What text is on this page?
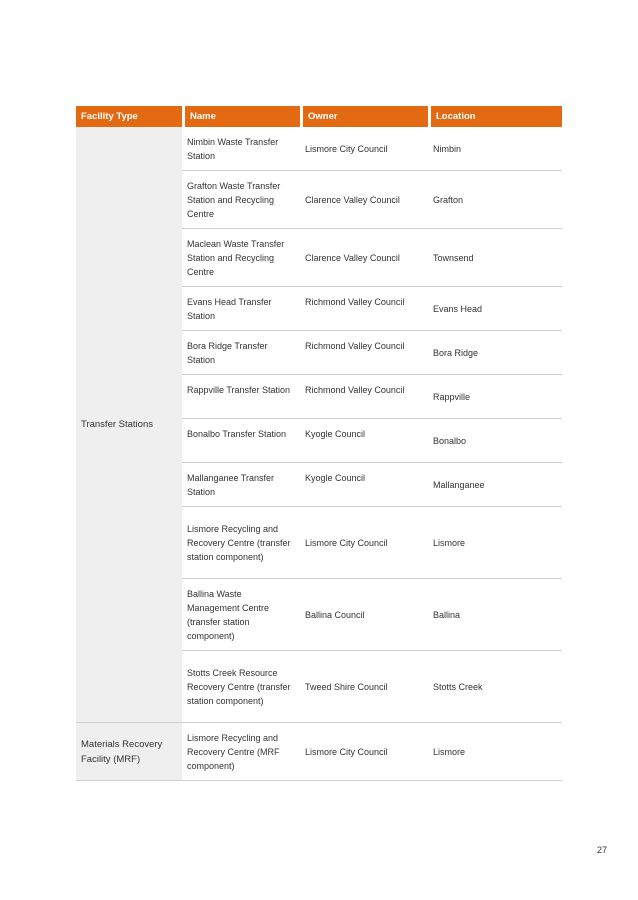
Facility Type	Name	Owner	Location
Transfer Stations	Nimbin Waste Transfer Station	Lismore City Council	Nimbin
	Grafton Waste Transfer Station and Recycling Centre	Clarence Valley Council	Grafton
	Maclean Waste Transfer Station and Recycling Centre	Clarence Valley Council	Townsend
	Evans Head Transfer Station	Richmond Valley Council	Evans Head
	Bora Ridge Transfer Station	Richmond Valley Council	Bora Ridge
	Rappville Transfer Station	Richmond Valley Council	Rappville
	Bonalbo Transfer Station	Kyogle Council	Bonalbo
	Mallanganee Transfer Station	Kyogle Council	Mallanganee
	Lismore Recycling and Recovery Centre (transfer station component)	Lismore City Council	Lismore
	Ballina Waste Management Centre (transfer station component)	Ballina Council	Ballina
	Stotts Creek Resource Recovery Centre (transfer station component)	Tweed Shire Council	Stotts Creek
Materials Recovery Facility (MRF)	Lismore Recycling and Recovery Centre (MRF component)	Lismore City Council	Lismore
27
